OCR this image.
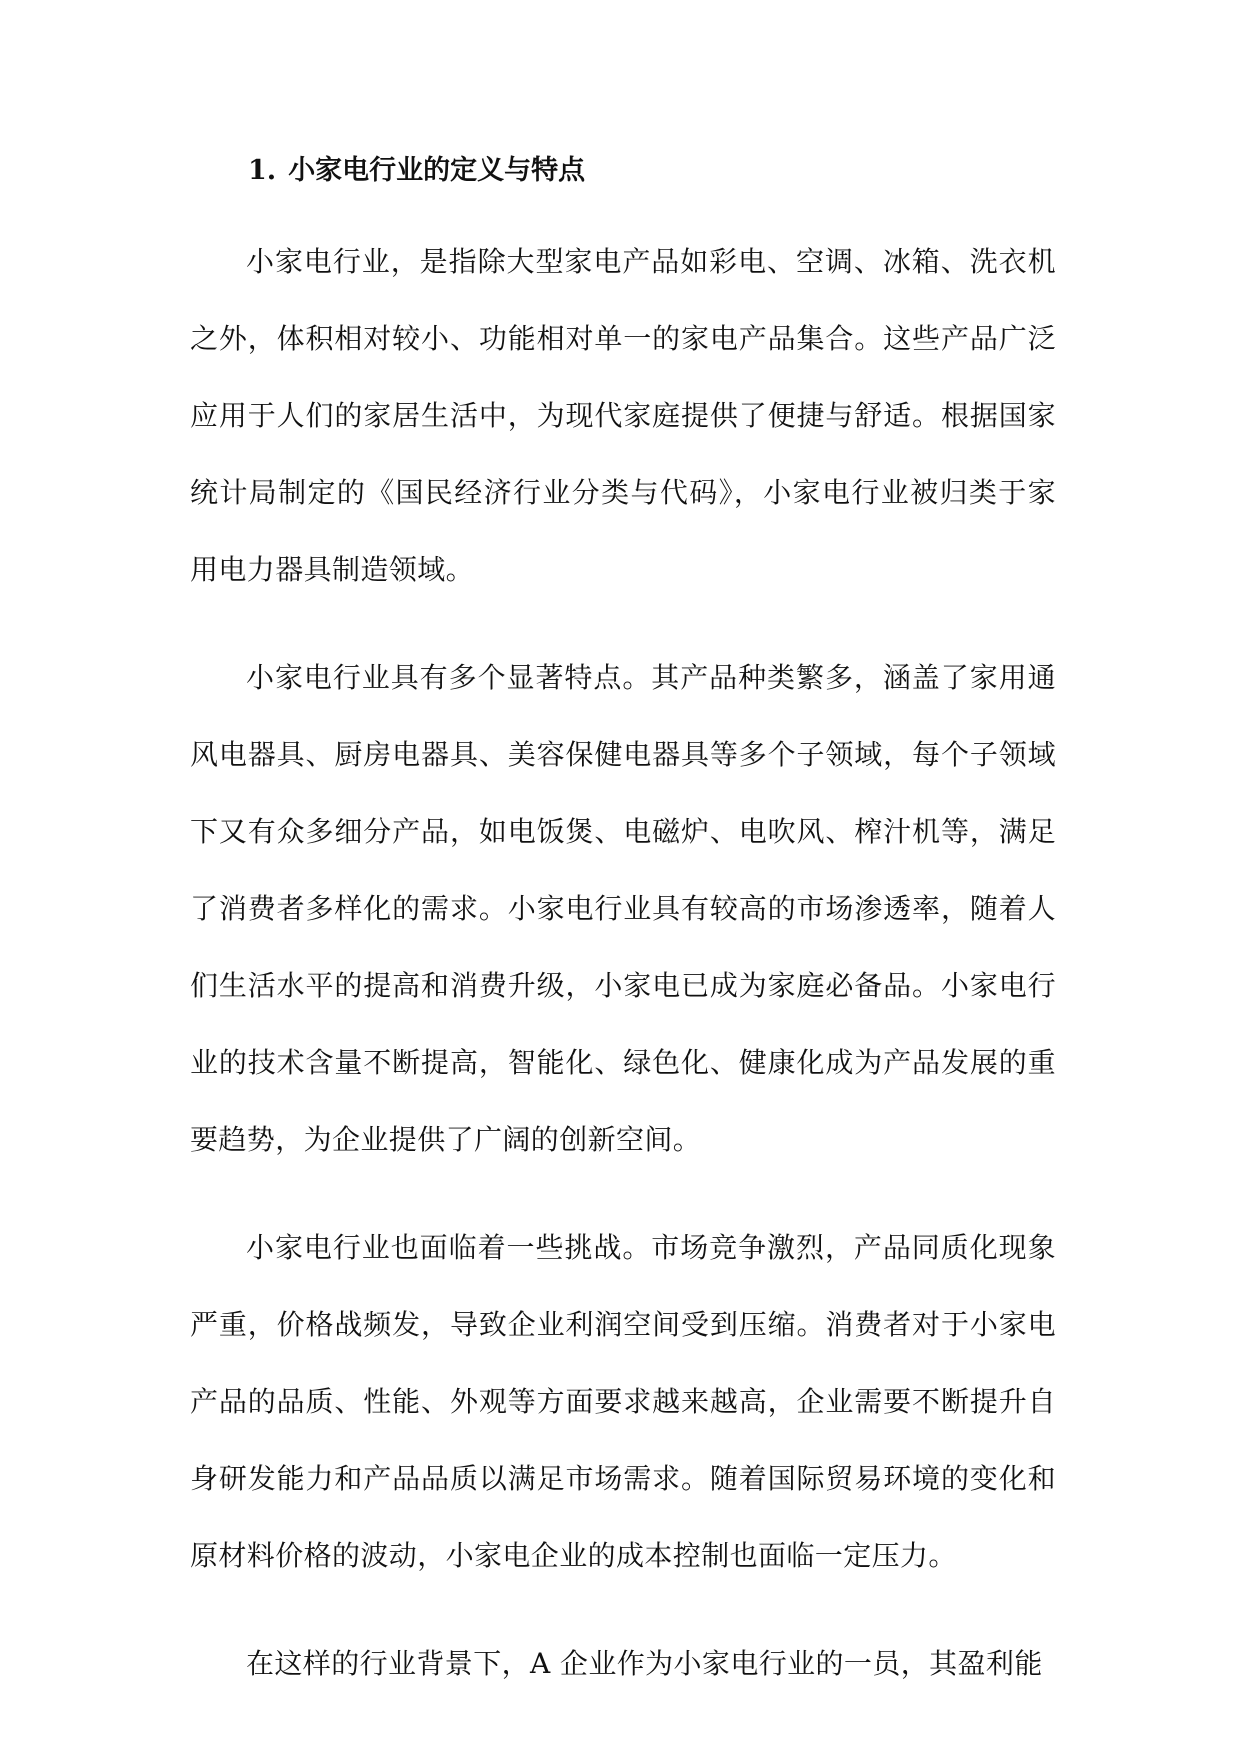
1. 小家电行业的定义与特点

小家电行业，是指除大型家电产品如彩电、空调、冰箱、洗衣机之外，体积相对较小、功能相对单一的家电产品集合。这些产品广泛应用于人们的家居生活中，为现代家庭提供了便捷与舒适。根据国家统计局制定的《国民经济行业分类与代码》，小家电行业被归类于家用电力器具制造领域。

小家电行业具有多个显著特点。其产品种类繁多，涵盖了家用通风电器具、厨房电器具、美容保健电器具等多个子领域，每个子领域下又有众多细分产品，如电饭煲、电磁炉、电吹风、榨汁机等，满足了消费者多样化的需求。小家电行业具有较高的市场渗透率，随着人们生活水平的提高和消费升级，小家电已成为家庭必备品。小家电行业的技术含量不断提高，智能化、绿色化、健康化成为产品发展的重要趋势，为企业提供了广阔的创新空间。

小家电行业也面临着一些挑战。市场竞争激烈，产品同质化现象严重，价格战频发，导致企业利润空间受到压缩。消费者对于小家电产品的品质、性能、外观等方面要求越来越高，企业需要不断提升自身研发能力和产品品质以满足市场需求。随着国际贸易环境的变化和原材料价格的波动，小家电企业的成本控制也面临一定压力。

在这样的行业背景下，A 企业作为小家电行业的一员，其盈利能
